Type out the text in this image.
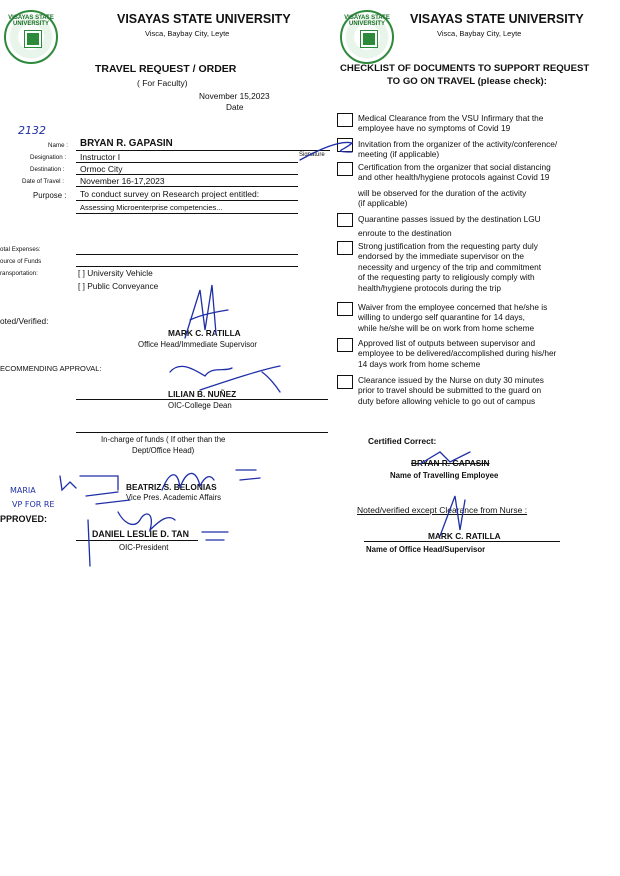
VISAYAS STATE UNIVERSITY	VISAYAS STATE UNIVERSITY
Visca, Baybay City, Leyte
TRAVEL REQUEST / ORDER
( For Faculty)
November 15,2023
Date
2132
Name : BRYAN R. GAPASIN
Designation : Instructor I
Destination : Ormoc City
Date of Travel : November 16-17,2023
Purpose : To conduct survey on Research project entitled:
Assessing Microenterprise competencies...
Signature
otal Expenses:
ource of Funds
ransportation:	[ ] University Vehicle
[ ] Public Conveyance
oted/Verified:
MARK C. RATILLA
Office Head/Immediate Supervisor
ECOMMENDING APPROVAL:
LILIAN B. NUÑEZ
OIC-College Dean
In-charge of funds ( If other than the
Dept/Office Head)
BEATRIZ S. BELONIAS
Vice Pres. Academic Affairs
MARIA
VP FOR RE
PPROVED:
DANIEL LESLIE D. TAN
OIC-President
VISAYAS STATE UNIVERSITY	VISAYAS STATE UNIVERSITY
Visca, Baybay City, Leyte
CHECKLIST OF DOCUMENTS TO SUPPORT REQUEST
TO GO ON TRAVEL (please check):
Medical Clearance from the VSU Infirmary that the
employee have no symptoms of Covid 19
Invitation from the organizer of the activity/conference/
meeting (if applicable)
Certification from the organizer that social distancing
and other health/hygiene protocols against Covid 19
will be observed for the duration of the activity
(if applicable)
Quarantine passes issued by the destination LGU
enroute to the destination
Strong justification from the requesting party duly
endorsed by the immediate supervisor on the
necessity and urgency of the trip and commitment
of the requesting party to religiously comply with
health/hygiene protocols during the trip
Waiver from the employee concerned that he/she is
willing to undergo self quarantine for 14 days,
while he/she will be on work from home scheme
Approved list of outputs between supervisor and
employee to be delivered/accomplished during his/her
14 days work from home scheme
Clearance issued by the Nurse on duty 30 minutes
prior to travel should be submitted to the guard on
duty before allowing vehicle to go out of campus
Certified Correct:
BRYAN R. GAPASIN
Name of Travelling Employee
Noted/verified except Clearance from Nurse :
MARK C. RATILLA
Name of Office Head/Supervisor
